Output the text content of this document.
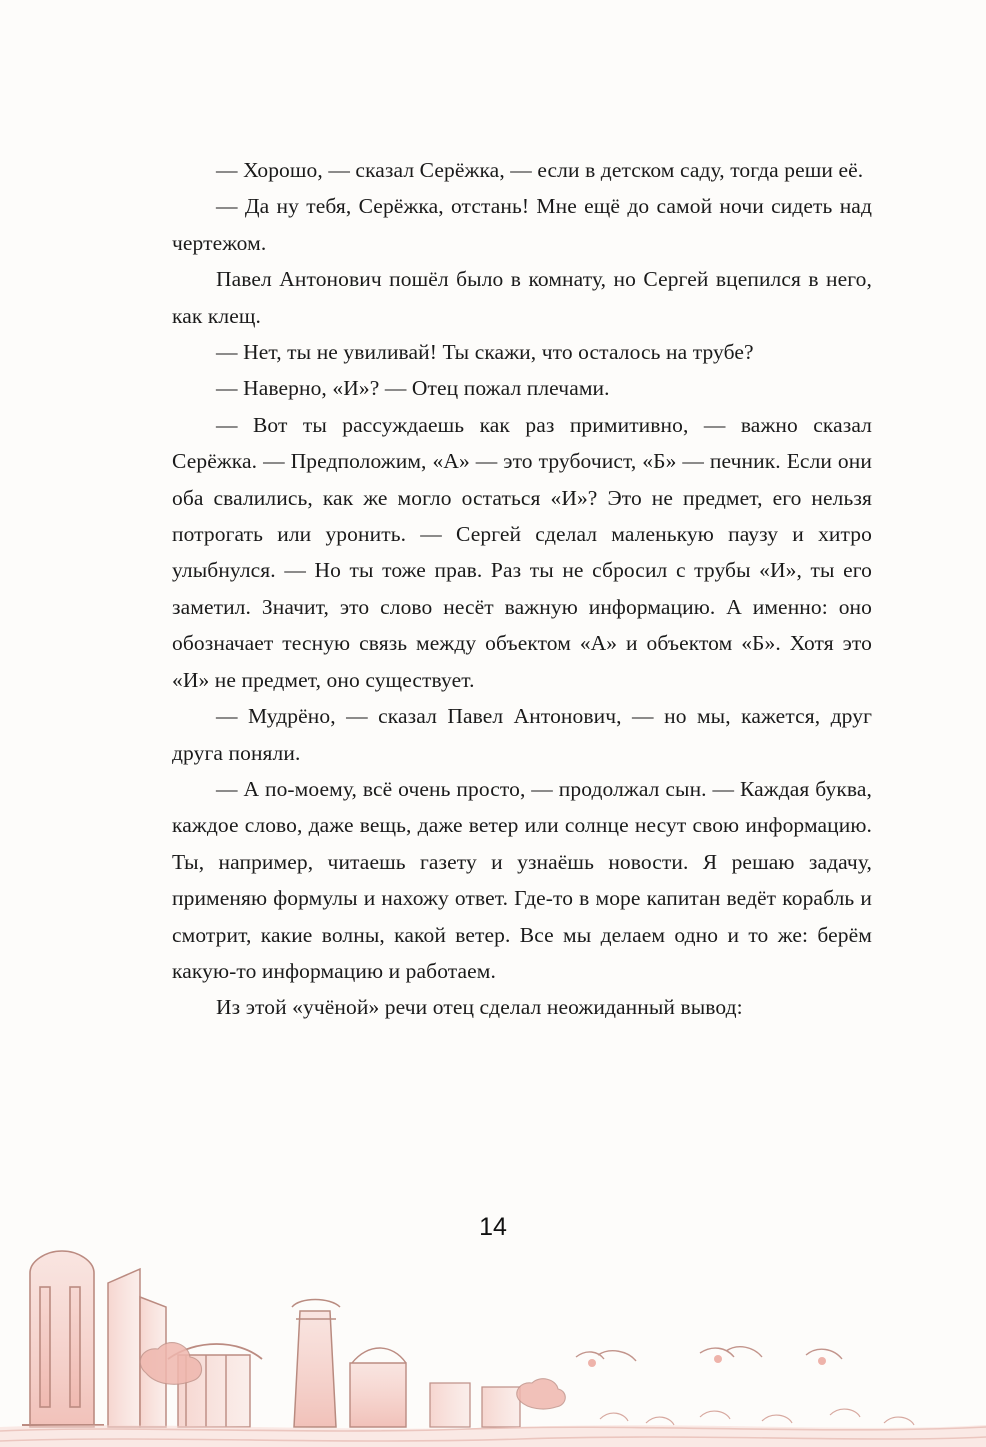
— Хорошо, — сказал Серёжка, — если в детском саду, тогда реши её.

— Да ну тебя, Серёжка, отстань! Мне ещё до самой ночи сидеть над чертежом.

Павел Антонович пошёл было в комнату, но Сергей вцепился в него, как клещ.

— Нет, ты не увиливай! Ты скажи, что осталось на трубе?

— Наверно, «И»? — Отец пожал плечами.

— Вот ты рассуждаешь как раз примитивно, — важно сказал Серёжка. — Предположим, «А» — это трубочист, «Б» — печник. Если они оба свалились, как же могло остаться «И»? Это не предмет, его нельзя потрогать или уронить. — Сергей сделал маленькую паузу и хитро улыбнулся. — Но ты тоже прав. Раз ты не сбросил с трубы «И», ты его заметил. Значит, это слово несёт важную информацию. А именно: оно обозначает тесную связь между объектом «А» и объектом «Б». Хотя это «И» не предмет, оно существует.

— Мудрёно, — сказал Павел Антонович, — но мы, кажется, друг друга поняли.

— А по-моему, всё очень просто, — продолжал сын. — Каждая буква, каждое слово, даже вещь, даже ветер или солнце несут свою информацию. Ты, например, читаешь газету и узнаёшь новости. Я решаю задачу, применяю формулы и нахожу ответ. Где-то в море капитан ведёт корабль и смотрит, какие волны, какой ветер. Все мы делаем одно и то же: берём какую-то информацию и работаем.

Из этой «учёной» речи отец сделал неожиданный вывод:

14
